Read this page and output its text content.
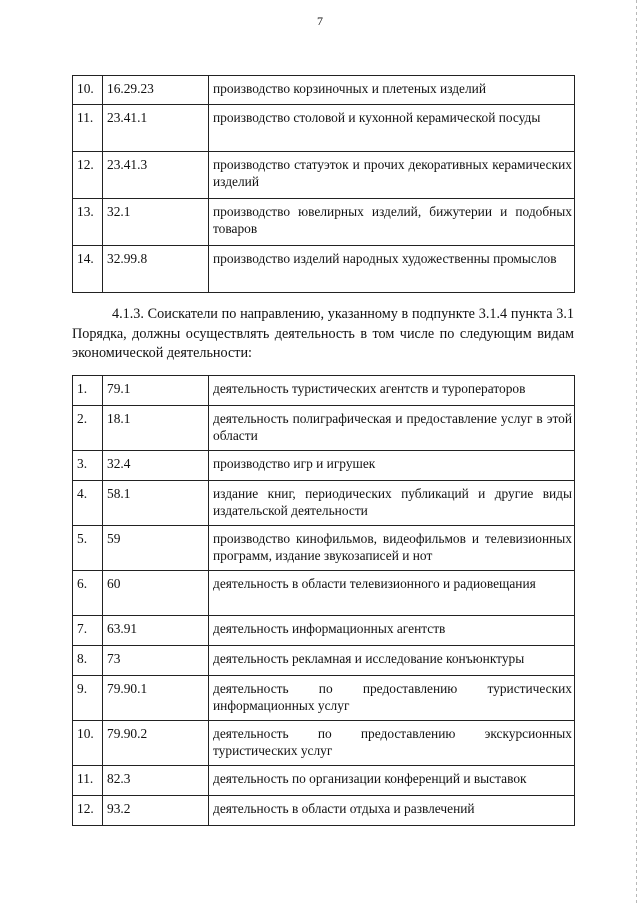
7
10.	16.29.23	производство корзиночных и плетеных изделий
11.	23.41.1	производство столовой и кухонной керамической посуды
12.	23.41.3	производство статуэток и прочих декоративных керамических изделий
13.	32.1	производство ювелирных изделий, бижутерии и подобных товаров
14.	32.99.8	производство изделий народных художественны промыслов

4.1.3. Соискатели по направлению, указанному в подпункте 3.1.4 пункта 3.1 Порядка, должны осуществлять деятельность в том числе по следующим видам экономической деятельности:

1.	79.1	деятельность туристических агентств и туроператоров
2.	18.1	деятельность полиграфическая и предоставление услуг в этой области
3.	32.4	производство игр и игрушек
4.	58.1	издание книг, периодических публикаций и другие виды издательской деятельности
5.	59	производство кинофильмов, видеофильмов и телевизионных программ, издание звукозаписей и нот
6.	60	деятельность в области телевизионного и радиовещания
7.	63.91	деятельность информационных агентств
8.	73	деятельность рекламная и исследование конъюнктуры
9.	79.90.1	деятельность по предоставлению туристических информационных услуг
10.	79.90.2	деятельность по предоставлению экскурсионных туристических услуг
11.	82.3	деятельность по организации конференций и выставок
12.	93.2	деятельность в области отдыха и развлечений
